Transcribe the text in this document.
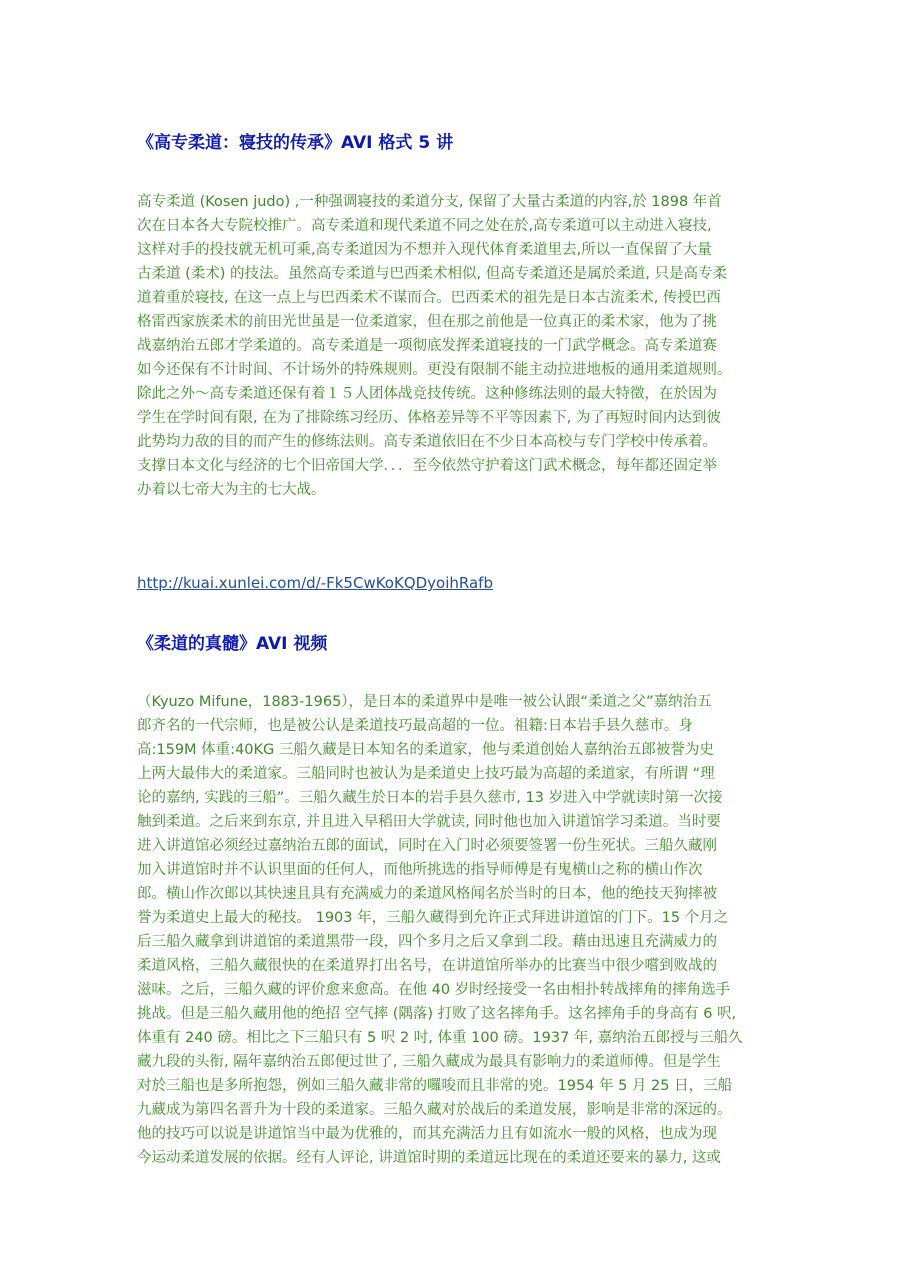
《高专柔道：寝技的传承》AVI 格式 5 讲
高专柔道 (Kosen judo) ,一种强调寝技的柔道分支, 保留了大量古柔道的内容,於 1898 年首
次在日本各大专院校推广。高专柔道和现代柔道不同之处在於,高专柔道可以主动进入寝技,
这样对手的投技就无机可乘,高专柔道因为不想并入现代体育柔道里去,所以一直保留了大量
古柔道 (柔术) 的技法。虽然高专柔道与巴西柔术相似, 但高专柔道还是属於柔道, 只是高专柔
道着重於寝技, 在这一点上与巴西柔术不谋而合。巴西柔术的祖先是日本古流柔术, 传授巴西
格雷西家族柔术的前田光世虽是一位柔道家，但在那之前他是一位真正的柔术家，他为了挑
战嘉纳治五郎才学柔道的。高专柔道是一项彻底发挥柔道寝技的一门武学概念。高专柔道赛
如今还保有不计时间、不计场外的特殊规则。更没有限制不能主动拉进地板的通用柔道规则。
除此之外～高专柔道还保有着１５人团体战竞技传统。这种修练法则的最大特徵，在於因为
学生在学时间有限, 在为了排除练习经历、体格差异等不平等因素下, 为了再短时间内达到彼
此势均力敌的目的而产生的修练法则。高专柔道依旧在不少日本高校与专门学校中传承着。
支撑日本文化与经济的七个旧帝国大学．．．至今依然守护着这门武术概念，每年都还固定举
办着以七帝大为主的七大战。
http://kuai.xunlei.com/d/-Fk5CwKoKQDyoihRafb
《柔道的真髓》AVI 视频
（Kyuzo Mifune，1883-1965），是日本的柔道界中是唯一被公认跟“柔道之父”嘉纳治五
郎齐名的一代宗师，也是被公认是柔道技巧最高超的一位。祖籍:日本岩手县久慈市。身
高:159M 体重:40KG 三船久藏是日本知名的柔道家，他与柔道创始人嘉纳治五郎被誉为史
上两大最伟大的柔道家。三船同时也被认为是柔道史上技巧最为高超的柔道家，有所谓 “理
论的嘉纳, 实践的三船”。三船久藏生於日本的岩手县久慈市, 13 岁进入中学就读时第一次接
触到柔道。之后来到东京, 并且进入早稻田大学就读, 同时他也加入讲道馆学习柔道。当时要
进入讲道馆必须经过嘉纳治五郎的面试，同时在入门时必须要签署一份生死状。三船久藏刚
加入讲道馆时并不认识里面的任何人，而他所挑选的指导师傅是有鬼横山之称的横山作次
郎。横山作次郎以其快速且具有充满威力的柔道风格闻名於当时的日本，他的绝技天狗摔被
誉为柔道史上最大的秘技。 1903 年，三船久藏得到允许正式拜进讲道馆的门下。15 个月之
后三船久藏拿到讲道馆的柔道黑带一段，四个多月之后又拿到二段。藉由迅速且充满威力的
柔道风格，三船久藏很快的在柔道界打出名号，在讲道馆所举办的比赛当中很少嚐到败战的
滋味。之后，三船久藏的评价愈来愈高。在他 40 岁时经接受一名由相扑转战摔角的摔角选手
挑战。但是三船久藏用他的绝招 空气摔 (隅落) 打败了这名摔角手。这名摔角手的身高有 6 呎,
体重有 240 磅。相比之下三船只有 5 呎 2 吋, 体重 100 磅。1937 年, 嘉纳治五郎授与三船久
藏九段的头衔, 隔年嘉纳治五郎便过世了, 三船久藏成为最具有影响力的柔道师傅。但是学生
对於三船也是多所抱怨，例如三船久藏非常的囉唆而且非常的兇。1954 年 5 月 25 日，三船
九藏成为第四名晋升为十段的柔道家。三船久藏对於战后的柔道发展，影响是非常的深远的。
他的技巧可以说是讲道馆当中最为优雅的，而其充满活力且有如流水一般的风格，也成为现
今运动柔道发展的依据。经有人评论, 讲道馆时期的柔道远比现在的柔道还要来的暴力, 这或
